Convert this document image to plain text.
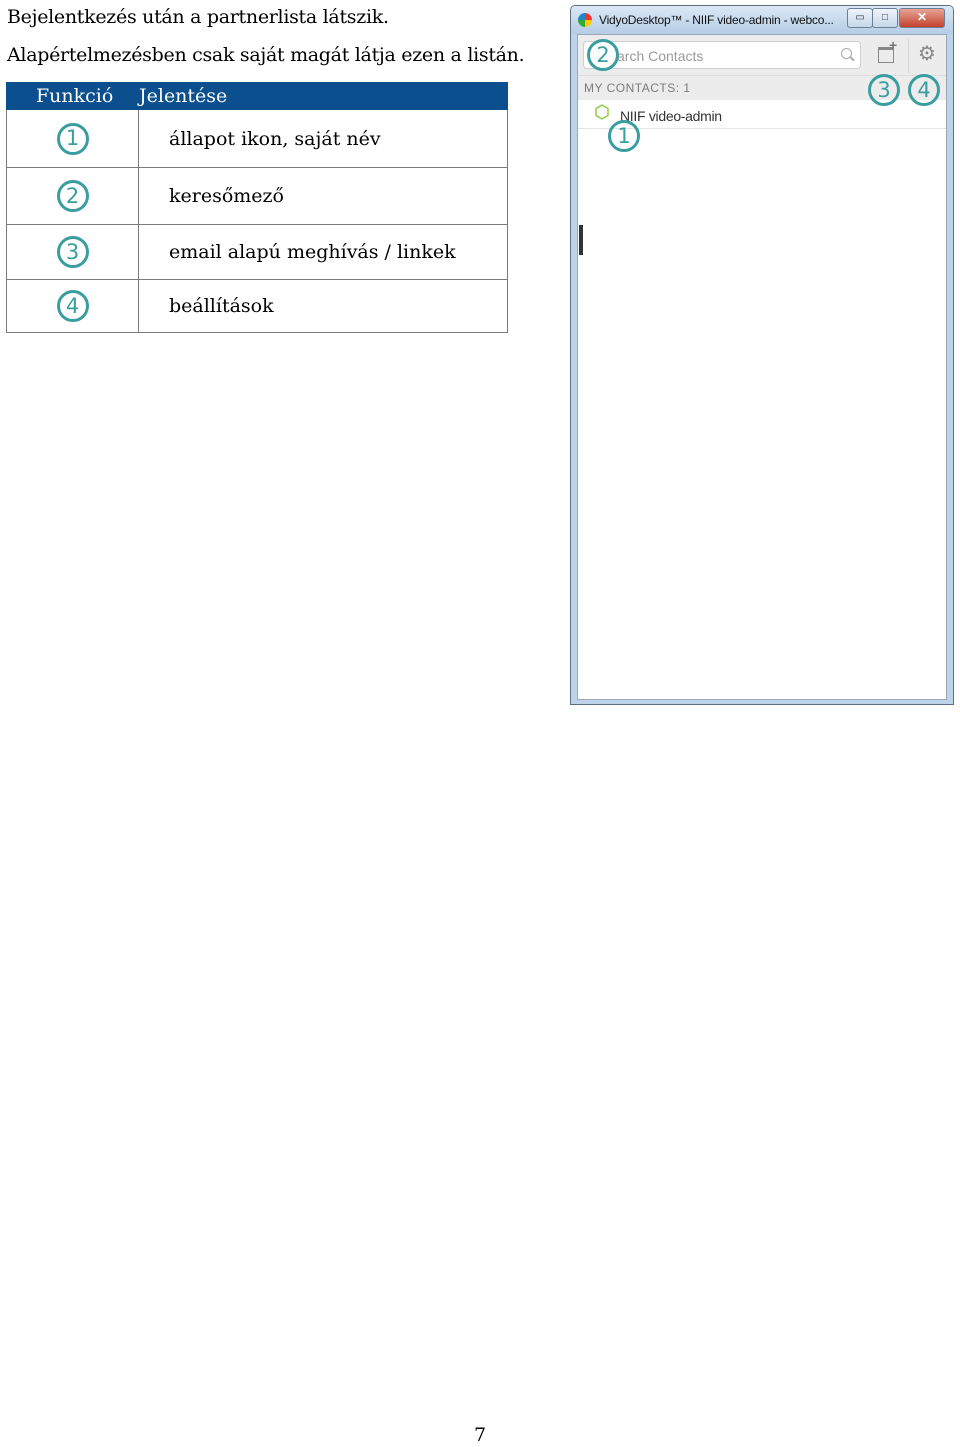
Bejelentkezés után a partnerlista látszik.
Alapértelmezésben csak saját magát látja ezen a listán.
Funkció	Jelentése
1	állapot ikon, saját név
2	keresőmező
3	email alapú meghívás / linkek
4	beállítások
VidyoDesktop™ - NIIF video-admin - webco...	▭	□	✕
2 arch Contacts +	⚙
MY CONTACTS: 1	3	4
NIIF video-admin
1
7
